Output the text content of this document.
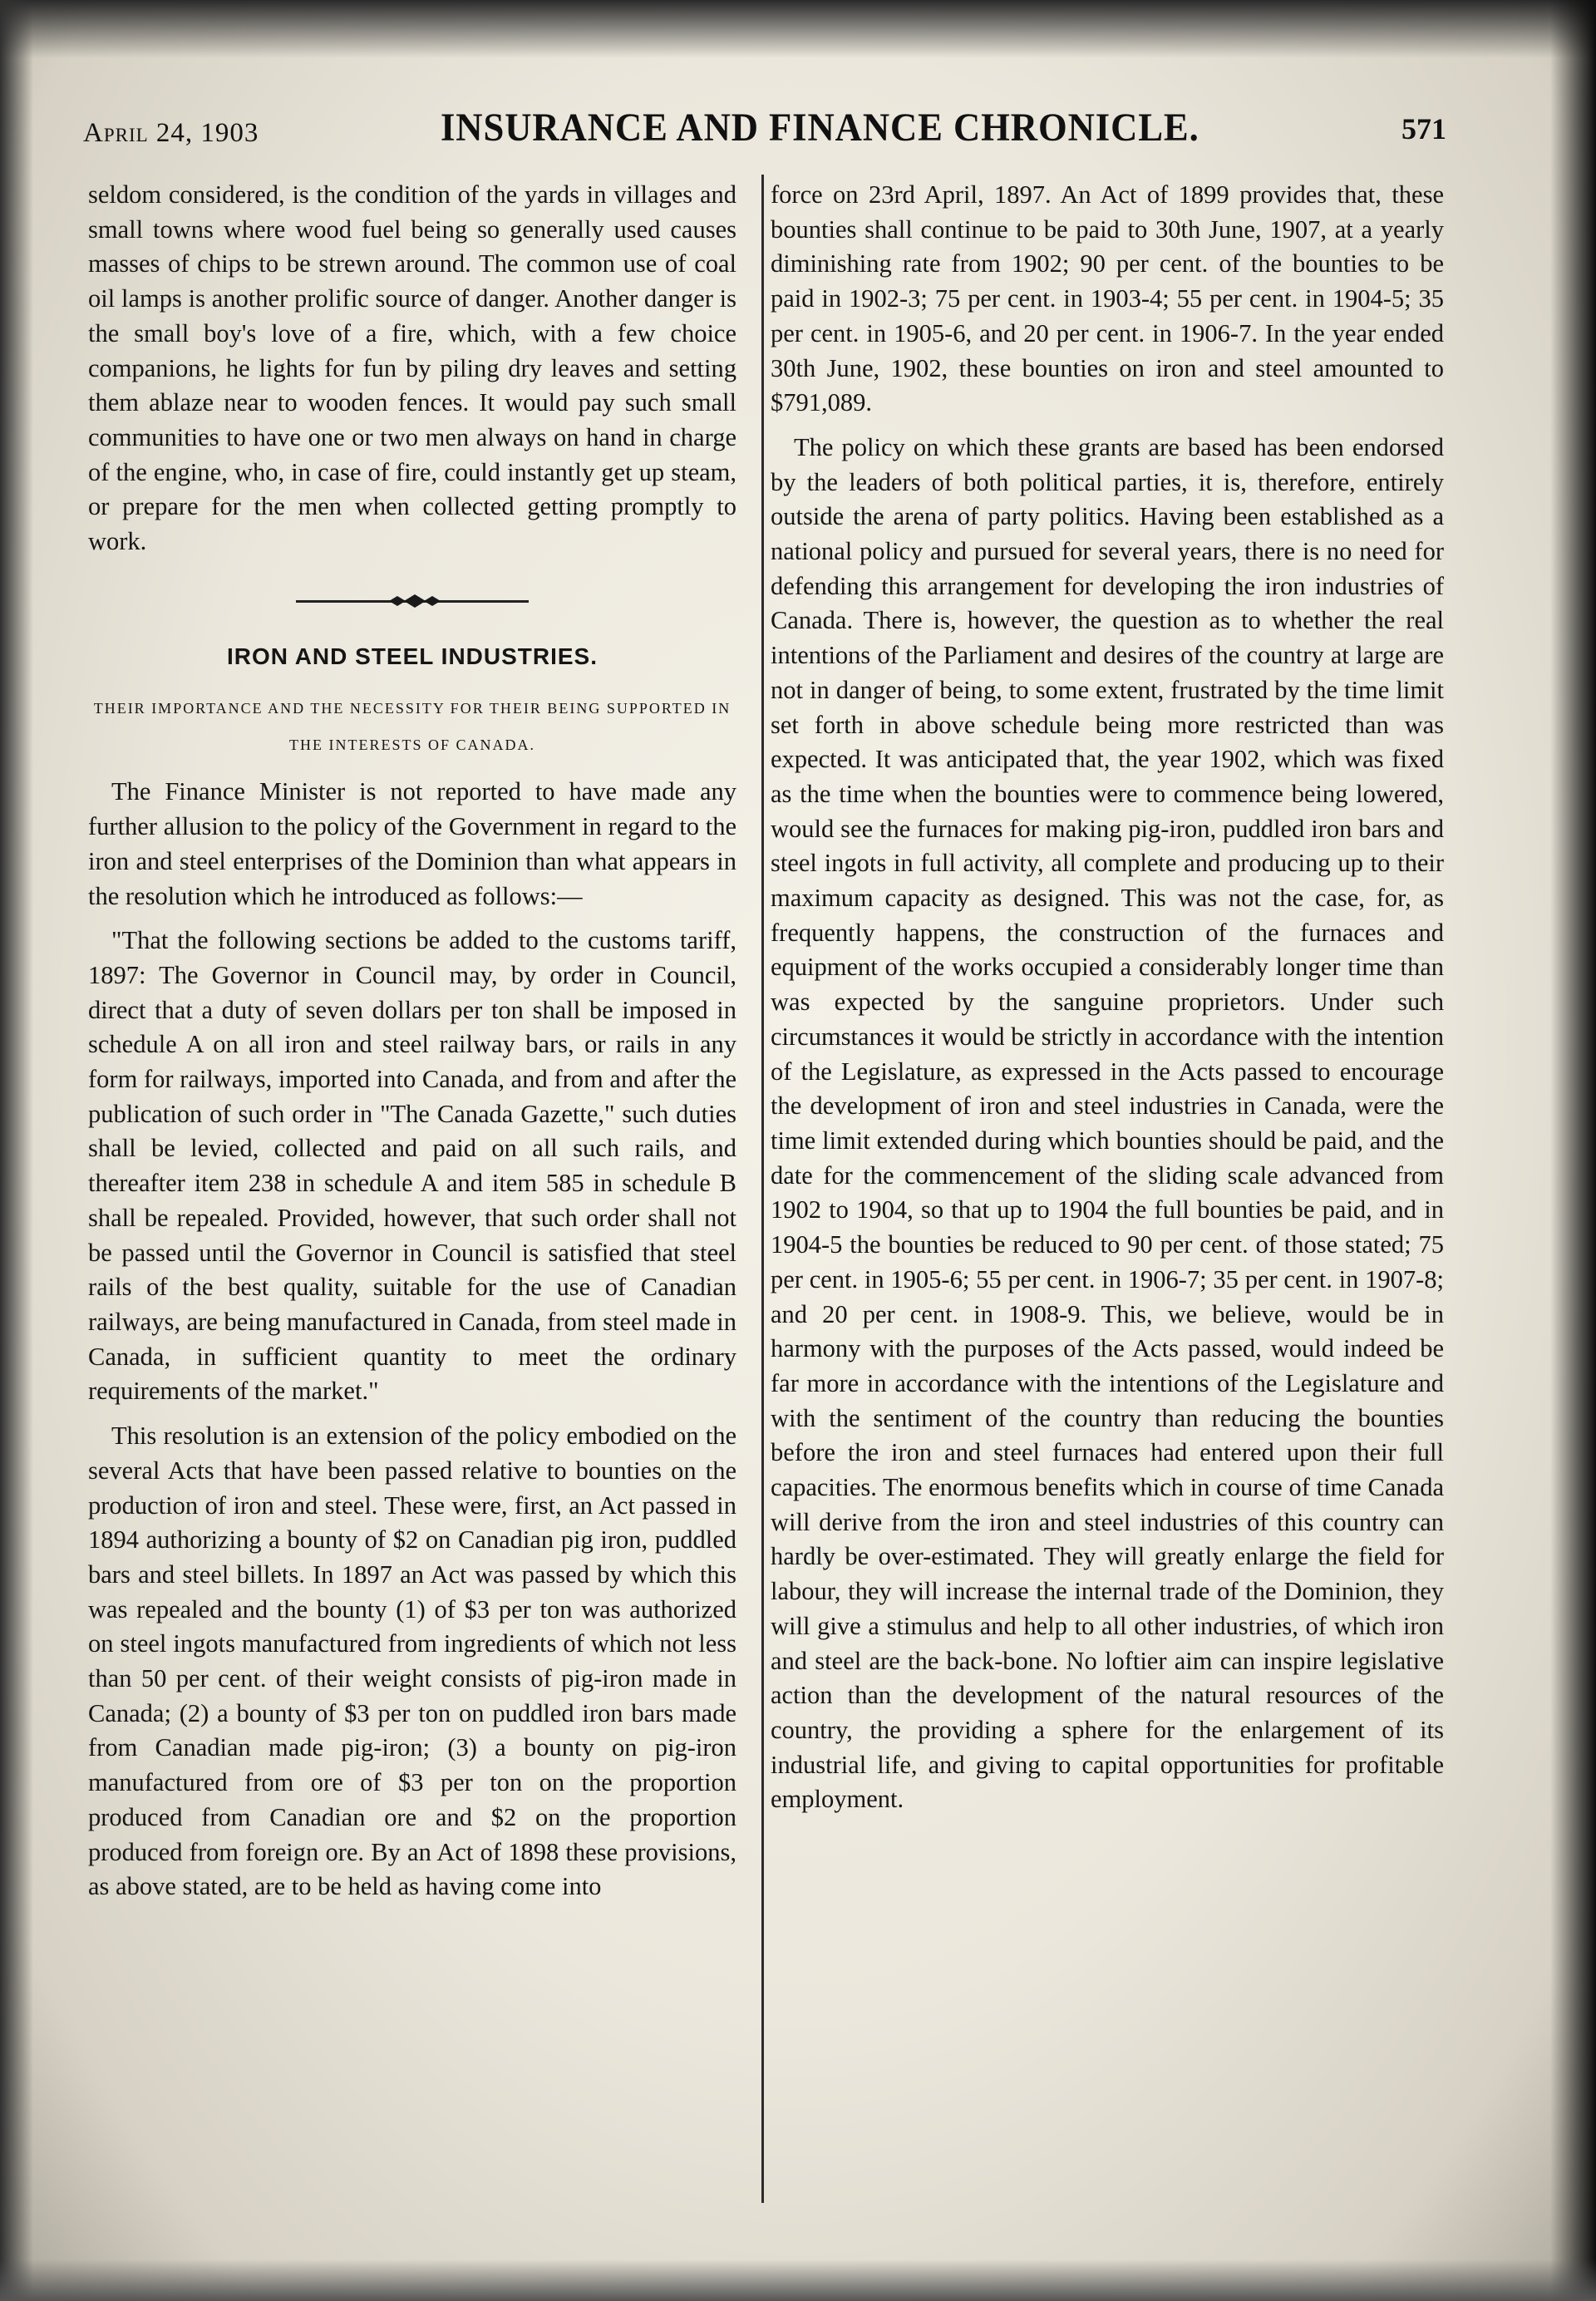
April 24, 1903	INSURANCE AND FINANCE CHRONICLE.	571

seldom considered, is the condition of the yards in villages and small towns where wood fuel being so generally used causes masses of chips to be strewn around. The common use of coal oil lamps is another prolific source of danger. Another danger is the small boy's love of a fire, which, with a few choice companions, he lights for fun by piling dry leaves and setting them ablaze near to wooden fences. It would pay such small communities to have one or two men always on hand in charge of the engine, who, in case of fire, could instantly get up steam, or prepare for the men when collected getting promptly to work.

IRON AND STEEL INDUSTRIES.
THEIR IMPORTANCE AND THE NECESSITY FOR THEIR BEING SUPPORTED IN THE INTERESTS OF CANADA.

The Finance Minister is not reported to have made any further allusion to the policy of the Government in regard to the iron and steel enterprises of the Dominion than what appears in the resolution which he introduced as follows:—

"That the following sections be added to the customs tariff, 1897: The Governor in Council may, by order in Council, direct that a duty of seven dollars per ton shall be imposed in schedule A on all iron and steel railway bars, or rails in any form for railways, imported into Canada, and from and after the publication of such order in "The Canada Gazette," such duties shall be levied, collected and paid on all such rails, and thereafter item 238 in schedule A and item 585 in schedule B shall be repealed. Provided, however, that such order shall not be passed until the Governor in Council is satisfied that steel rails of the best quality, suitable for the use of Canadian railways, are being manufactured in Canada, from steel made in Canada, in sufficient quantity to meet the ordinary requirements of the market."

This resolution is an extension of the policy embodied on the several Acts that have been passed relative to bounties on the production of iron and steel. These were, first, an Act passed in 1894 authorizing a bounty of $2 on Canadian pig iron, puddled bars and steel billets. In 1897 an Act was passed by which this was repealed and the bounty (1) of $3 per ton was authorized on steel ingots manufactured from ingredients of which not less than 50 per cent. of their weight consists of pig-iron made in Canada; (2) a bounty of $3 per ton on puddled iron bars made from Canadian made pig-iron; (3) a bounty on pig-iron manufactured from ore of $3 per ton on the proportion produced from Canadian ore and $2 on the proportion produced from foreign ore. By an Act of 1898 these provisions, as above stated, are to be held as having come into

force on 23rd April, 1897. An Act of 1899 provides that, these bounties shall continue to be paid to 30th June, 1907, at a yearly diminishing rate from 1902; 90 per cent. of the bounties to be paid in 1902-3; 75 per cent. in 1903-4; 55 per cent. in 1904-5; 35 per cent. in 1905-6, and 20 per cent. in 1906-7. In the year ended 30th June, 1902, these bounties on iron and steel amounted to $791,089.

The policy on which these grants are based has been endorsed by the leaders of both political parties, it is, therefore, entirely outside the arena of party politics. Having been established as a national policy and pursued for several years, there is no need for defending this arrangement for developing the iron industries of Canada. There is, however, the question as to whether the real intentions of the Parliament and desires of the country at large are not in danger of being, to some extent, frustrated by the time limit set forth in above schedule being more restricted than was expected. It was anticipated that, the year 1902, which was fixed as the time when the bounties were to commence being lowered, would see the furnaces for making pig-iron, puddled iron bars and steel ingots in full activity, all complete and producing up to their maximum capacity as designed. This was not the case, for, as frequently happens, the construction of the furnaces and equipment of the works occupied a considerably longer time than was expected by the sanguine proprietors. Under such circumstances it would be strictly in accordance with the intention of the Legislature, as expressed in the Acts passed to encourage the development of iron and steel industries in Canada, were the time limit extended during which bounties should be paid, and the date for the commencement of the sliding scale advanced from 1902 to 1904, so that up to 1904 the full bounties be paid, and in 1904-5 the bounties be reduced to 90 per cent. of those stated; 75 per cent. in 1905-6; 55 per cent. in 1906-7; 35 per cent. in 1907-8; and 20 per cent. in 1908-9. This, we believe, would be in harmony with the purposes of the Acts passed, would indeed be far more in accordance with the intentions of the Legislature and with the sentiment of the country than reducing the bounties before the iron and steel furnaces had entered upon their full capacities. The enormous benefits which in course of time Canada will derive from the iron and steel industries of this country can hardly be over-estimated. They will greatly enlarge the field for labour, they will increase the internal trade of the Dominion, they will give a stimulus and help to all other industries, of which iron and steel are the back-bone. No loftier aim can inspire legislative action than the development of the natural resources of the country, the providing a sphere for the enlargement of its industrial life, and giving to capital opportunities for profitable employment.
